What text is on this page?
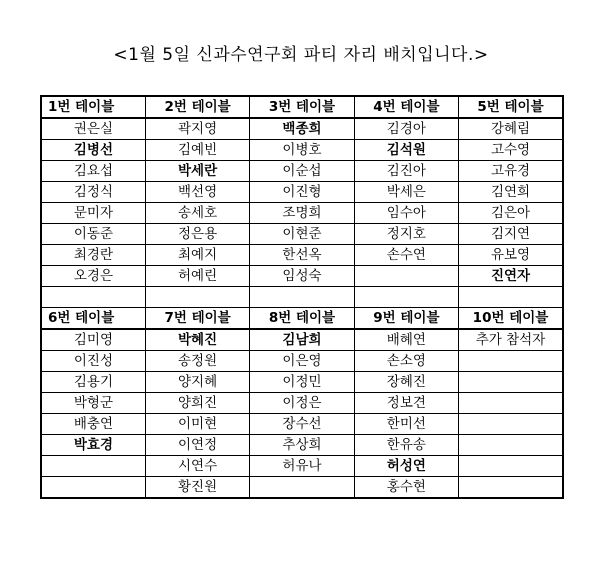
<1월 5일 신과수연구회 파티 자리 배치입니다.>
1번 테이블	2번 테이블	3번 테이블	4번 테이블	5번 테이블
권은실	곽지영	백종희	김경아	강혜림
김병선	김예빈	이병호	김석원	고수영
김요섭	박세란	이순섭	김진아	고유경
김정식	백선영	이진형	박세은	김연희
문미자	송세호	조명희	임수아	김은아
이동준	정은용	이현준	정지호	김지연
최경란	최예지	한선옥	손수연	유보영
오경은	허예린	임성숙		진연자

6번 테이블	7번 테이블	8번 테이블	9번 테이블	10번 테이블
김미영	박혜진	김남희	배혜연	추가 참석자
이진성	송정원	이은영	손소영	
김용기	양지혜	이정민	장혜진	
박형군	양희진	이정은	정보견	
배충연	이미현	장수선	한미선	
박효경	이연정	추상희	한유송	
	시연수	허유나	허성연	
	황진원		홍수현	
